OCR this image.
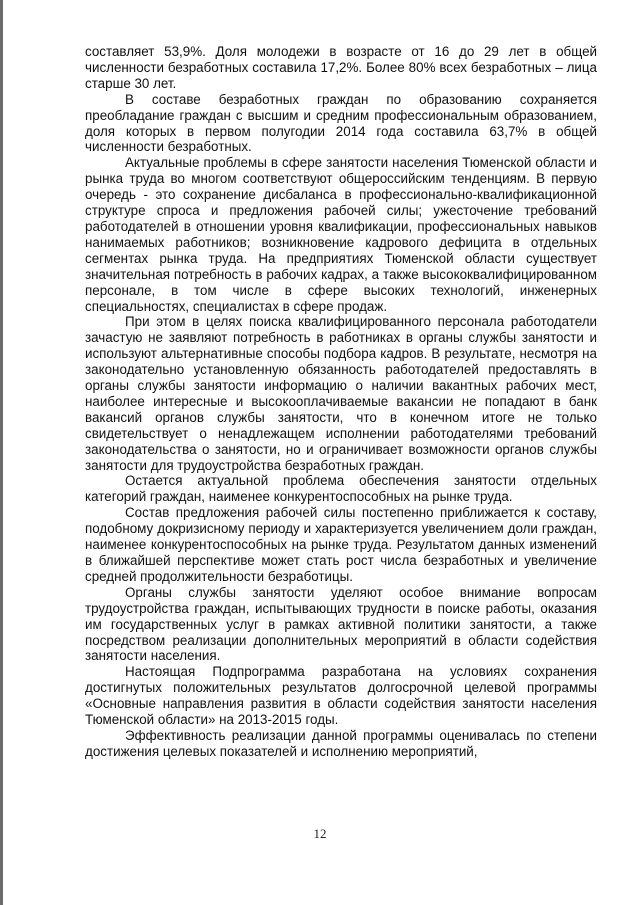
составляет 53,9%. Доля молодежи в возрасте от 16 до 29 лет в общей численности безработных составила 17,2%. Более 80% всех безработных – лица старше 30 лет.

В составе безработных граждан по образованию сохраняется преобладание граждан с высшим и средним профессиональным образованием, доля которых в первом полугодии 2014 года составила 63,7% в общей численности безработных.

Актуальные проблемы в сфере занятости населения Тюменской области и рынка труда во многом соответствуют общероссийским тенденциям. В первую очередь - это сохранение дисбаланса в профессионально-квалификационной структуре спроса и предложения рабочей силы; ужесточение требований работодателей в отношении уровня квалификации, профессиональных навыков нанимаемых работников; возникновение кадрового дефицита в отдельных сегментах рынка труда. На предприятиях Тюменской области существует значительная потребность в рабочих кадрах, а также высококвалифицированном персонале, в том числе в сфере высоких технологий, инженерных специальностях, специалистах в сфере продаж.

При этом в целях поиска квалифицированного персонала работодатели зачастую не заявляют потребность в работниках в органы службы занятости и используют альтернативные способы подбора кадров. В результате, несмотря на законодательно установленную обязанность работодателей предоставлять в органы службы занятости информацию о наличии вакантных рабочих мест, наиболее интересные и высокооплачиваемые вакансии не попадают в банк вакансий органов службы занятости, что в конечном итоге не только свидетельствует о ненадлежащем исполнении работодателями требований законодательства о занятости, но и ограничивает возможности органов службы занятости для трудоустройства безработных граждан.

Остается актуальной проблема обеспечения занятости отдельных категорий граждан, наименее конкурентоспособных на рынке труда.

Состав предложения рабочей силы постепенно приближается к составу, подобному докризисному периоду и характеризуется увеличением доли граждан, наименее конкурентоспособных на рынке труда. Результатом данных изменений в ближайшей перспективе может стать рост числа безработных и увеличение средней продолжительности безработицы.

Органы службы занятости уделяют особое внимание вопросам трудоустройства граждан, испытывающих трудности в поиске работы, оказания им государственных услуг в рамках активной политики занятости, а также посредством реализации дополнительных мероприятий в области содействия занятости населения.

Настоящая Подпрограмма разработана на условиях сохранения достигнутых положительных результатов долгосрочной целевой программы «Основные направления развития в области содействия занятости населения Тюменской области» на 2013-2015 годы.

Эффективность реализации данной программы оценивалась по степени достижения целевых показателей и исполнению мероприятий,

12
